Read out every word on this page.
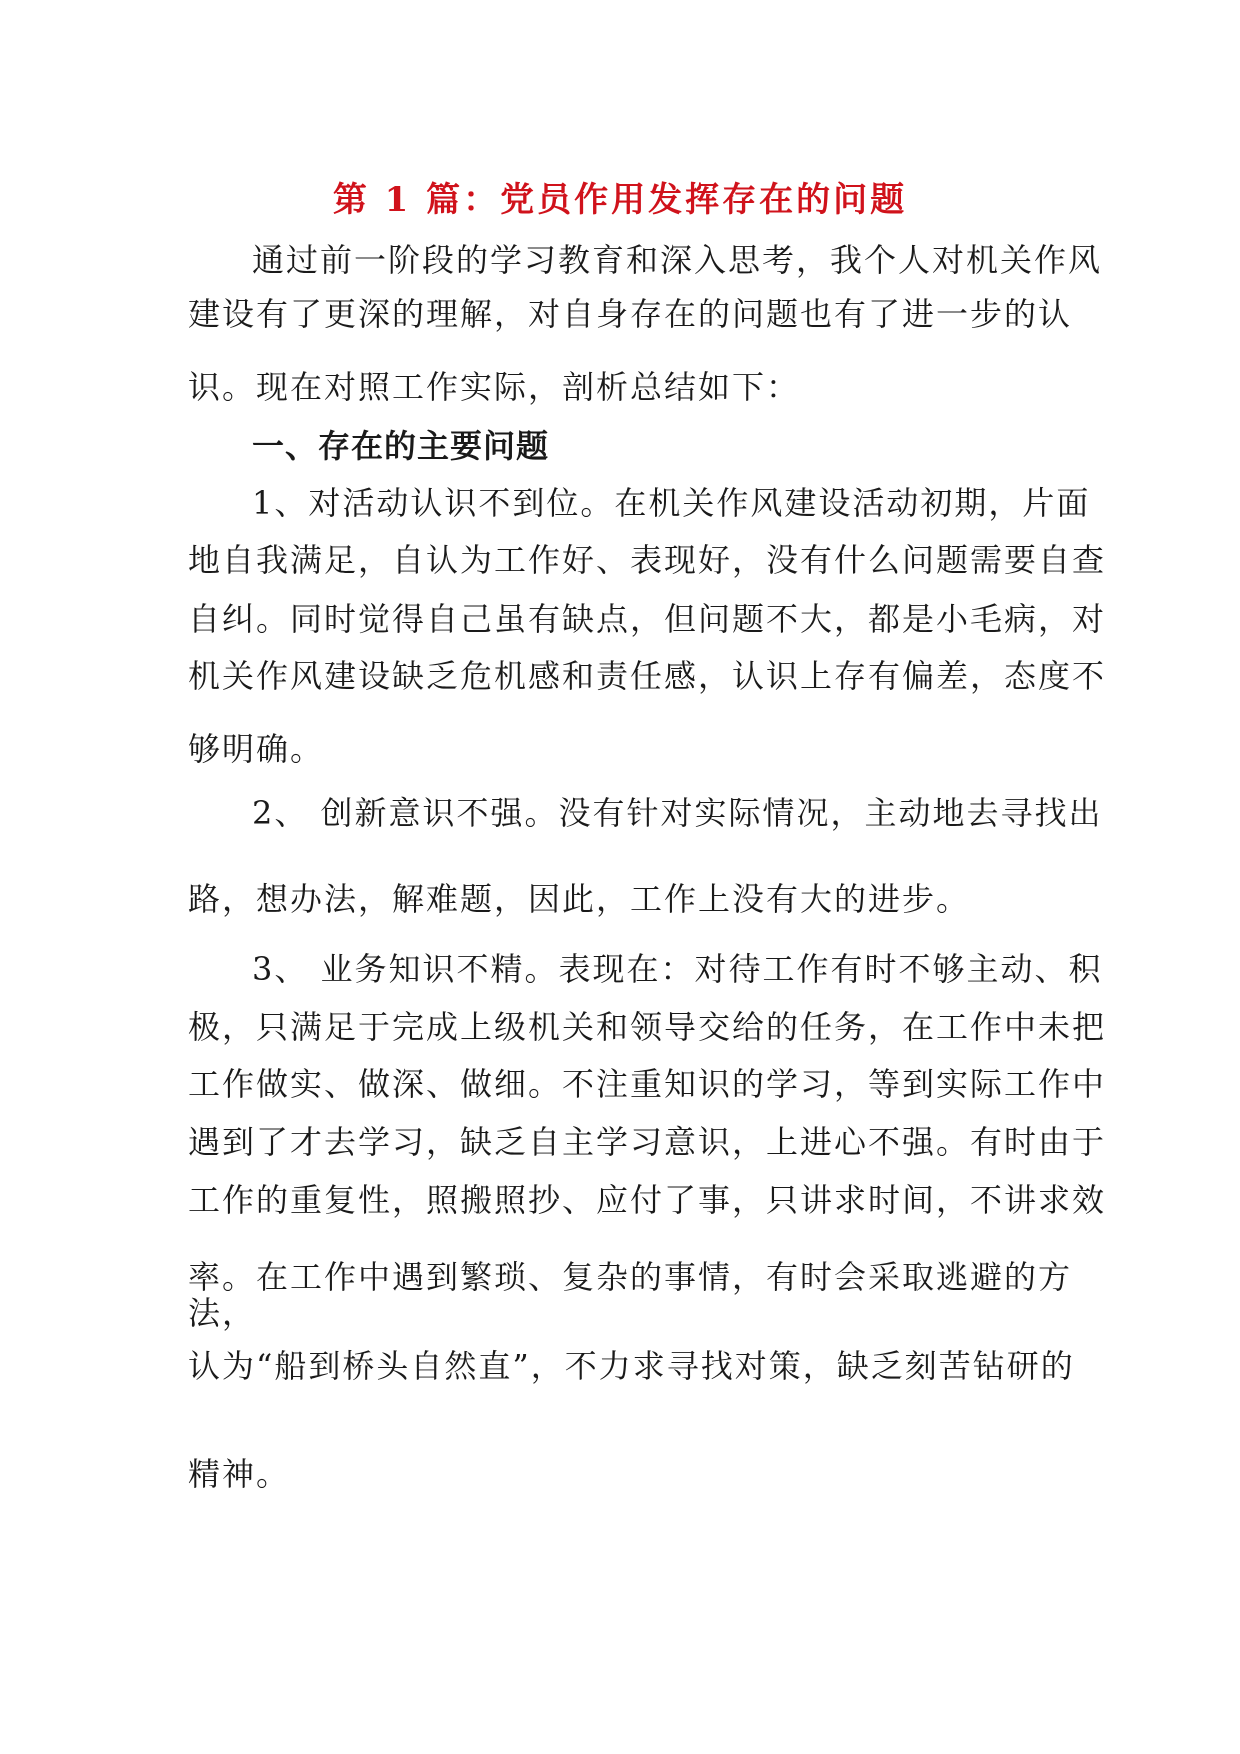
第 1 篇：党员作用发挥存在的问题
通过前一阶段的学习教育和深入思考，我个人对机关作风
建设有了更深的理解，对自身存在的问题也有了进一步的认
识。现在对照工作实际，剖析总结如下：
一、存在的主要问题
1、对活动认识不到位。在机关作风建设活动初期，片面
地自我满足，自认为工作好、表现好，没有什么问题需要自查
自纠。同时觉得自己虽有缺点，但问题不大，都是小毛病，对
机关作风建设缺乏危机感和责任感，认识上存有偏差，态度不
够明确。
2、 创新意识不强。没有针对实际情况，主动地去寻找出
路，想办法，解难题，因此，工作上没有大的进步。
3、 业务知识不精。表现在：对待工作有时不够主动、积
极，只满足于完成上级机关和领导交给的任务，在工作中未把
工作做实、做深、做细。不注重知识的学习，等到实际工作中
遇到了才去学习，缺乏自主学习意识，上进心不强。有时由于
工作的重复性，照搬照抄、应付了事，只讲求时间，不讲求效
率。在工作中遇到繁琐、复杂的事情，有时会采取逃避的方
法，
认为“船到桥头自然直”，不力求寻找对策，缺乏刻苦钻研的
精神。
